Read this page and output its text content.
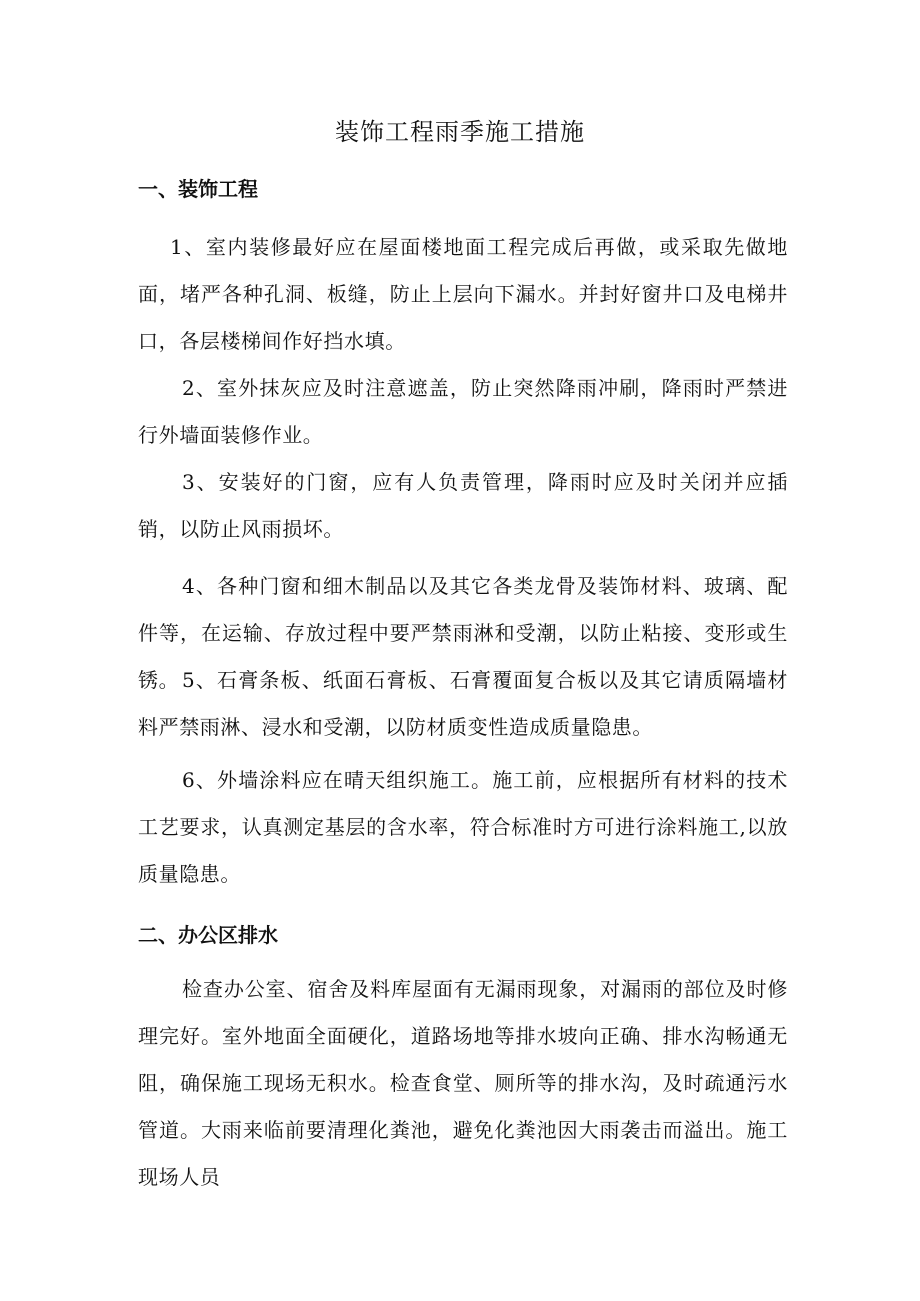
装饰工程雨季施工措施
一、装饰工程

1、室内装修最好应在屋面楼地面工程完成后再做，或采取先做地面，堵严各种孔洞、板缝，防止上层向下漏水。并封好窗井口及电梯井口，各层楼梯间作好挡水填。

2、室外抹灰应及时注意遮盖，防止突然降雨冲刷，降雨时严禁进行外墙面装修作业。

3、安装好的门窗，应有人负责管理，降雨时应及时关闭并应插销，以防止风雨损坏。

4、各种门窗和细木制品以及其它各类龙骨及装饰材料、玻璃、配件等，在运输、存放过程中要严禁雨淋和受潮，以防止粘接、变形或生锈。 5、石膏条板、纸面石膏板、石膏覆面复合板以及其它请质隔墙材料严禁雨淋、浸水和受潮，以防材质变性造成质量隐患。

6、外墙涂料应在晴天组织施工。施工前，应根据所有材料的技术工艺要求，认真测定基层的含水率，符合标准时方可进行涂料施工,以放质量隐患。

二、办公区排水

检查办公室、宿舍及料库屋面有无漏雨现象，对漏雨的部位及时修理完好。室外地面全面硬化，道路场地等排水坡向正确、排水沟畅通无阻，确保施工现场无积水。检查食堂、厕所等的排水沟，及时疏通污水管道。大雨来临前要清理化粪池，避免化粪池因大雨袭击而溢出。施工现场人员
